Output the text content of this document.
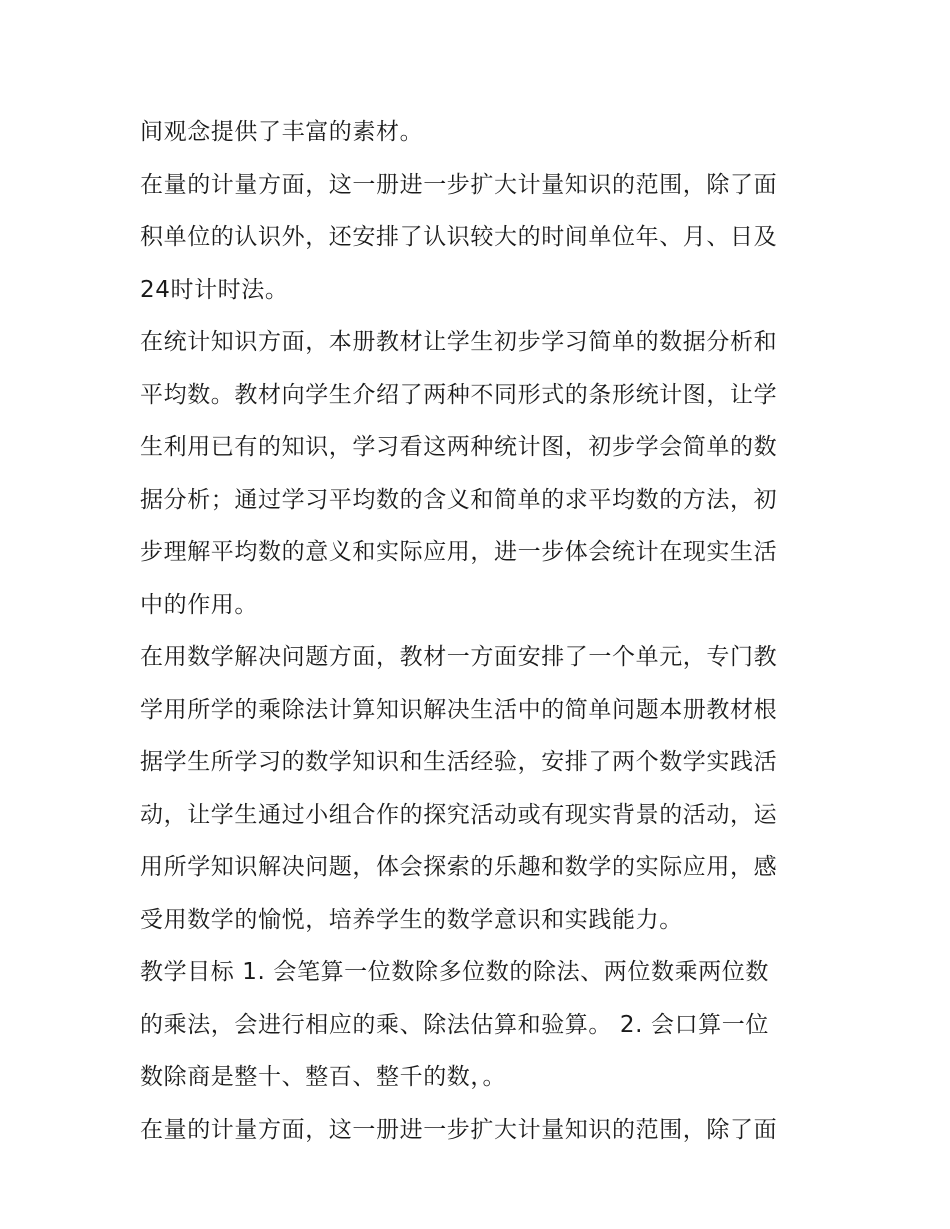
间观念提供了丰富的素材。
在量的计量方面，这一册进一步扩大计量知识的范围，除了面
积单位的认识外，还安排了认识较大的时间单位年、月、日及
24时计时法。
在统计知识方面，本册教材让学生初步学习简单的数据分析和
平均数。教材向学生介绍了两种不同形式的条形统计图，让学
生利用已有的知识，学习看这两种统计图，初步学会简单的数
据分析；通过学习平均数的含义和简单的求平均数的方法，初
步理解平均数的意义和实际应用，进一步体会统计在现实生活
中的作用。
在用数学解决问题方面，教材一方面安排了一个单元，专门教
学用所学的乘除法计算知识解决生活中的简单问题本册教材根
据学生所学习的数学知识和生活经验，安排了两个数学实践活
动，让学生通过小组合作的探究活动或有现实背景的活动，运
用所学知识解决问题，体会探索的乐趣和数学的实际应用，感
受用数学的愉悦，培养学生的数学意识和实践能力。
教学目标 1. 会笔算一位数除多位数的除法、两位数乘两位数
的乘法，会进行相应的乘、除法估算和验算。 2. 会口算一位
数除商是整十、整百、整千的数，。
在量的计量方面，这一册进一步扩大计量知识的范围，除了面
